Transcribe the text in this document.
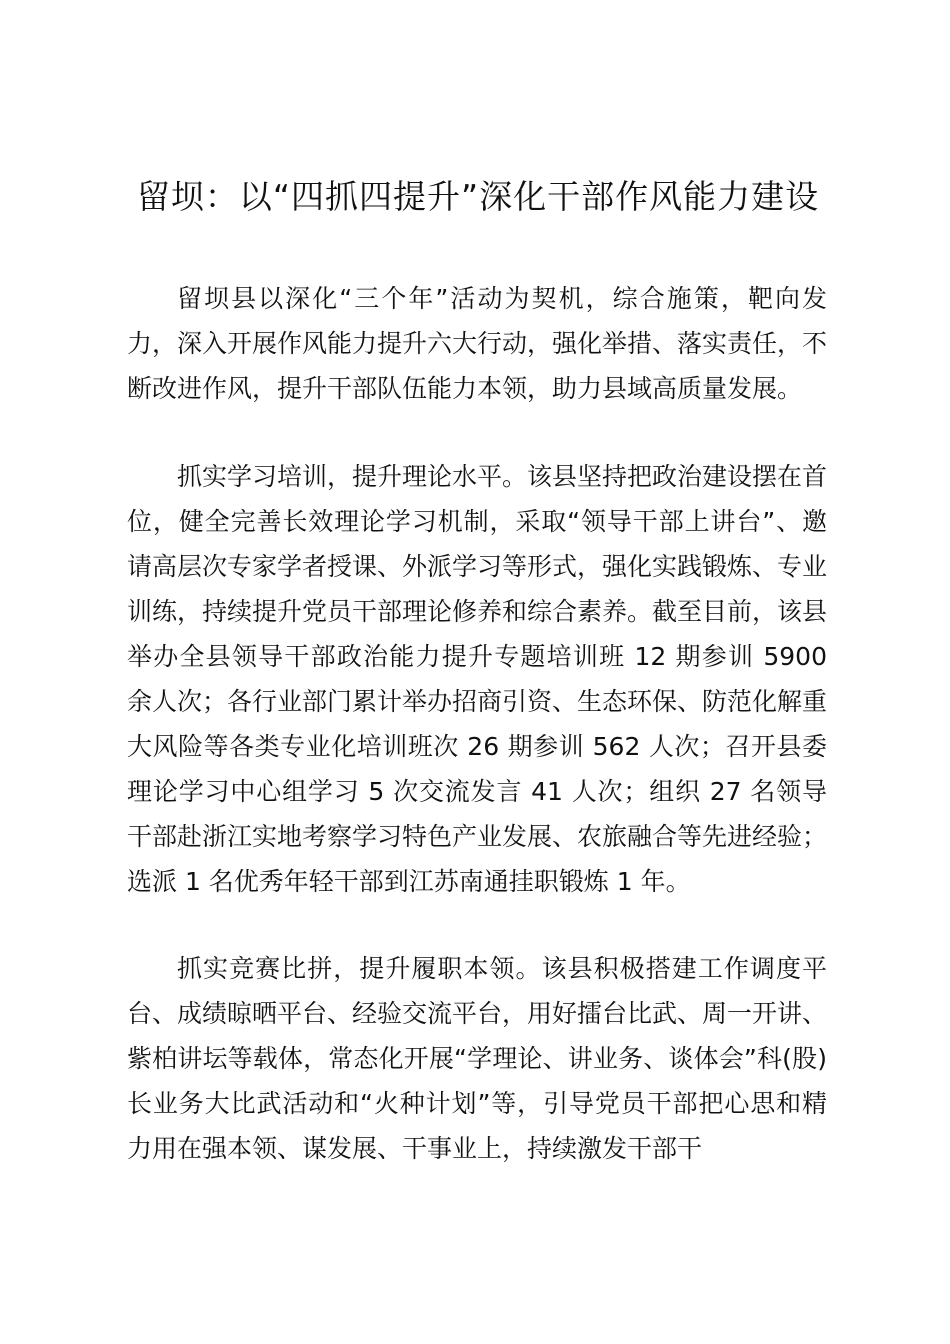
留坝：以“四抓四提升”深化干部作风能力建设

留坝县以深化“三个年”活动为契机，综合施策，靶向发力，深入开展作风能力提升六大行动，强化举措、落实责任，不断改进作风，提升干部队伍能力本领，助力县域高质量发展。

抓实学习培训，提升理论水平。该县坚持把政治建设摆在首位，健全完善长效理论学习机制，采取“领导干部上讲台”、邀请高层次专家学者授课、外派学习等形式，强化实践锻炼、专业训练，持续提升党员干部理论修养和综合素养。截至目前，该县举办全县领导干部政治能力提升专题培训班 12 期参训 5900 余人次；各行业部门累计举办招商引资、生态环保、防范化解重大风险等各类专业化培训班次 26 期参训 562 人次；召开县委理论学习中心组学习 5 次交流发言 41 人次；组织 27 名领导干部赴浙江实地考察学习特色产业发展、农旅融合等先进经验；选派 1 名优秀年轻干部到江苏南通挂职锻炼 1 年。

抓实竞赛比拼，提升履职本领。该县积极搭建工作调度平台、成绩晾晒平台、经验交流平台，用好擂台比武、周一开讲、紫柏讲坛等载体，常态化开展“学理论、讲业务、谈体会”科(股)长业务大比武活动和“火种计划”等，引导党员干部把心思和精力用在强本领、谋发展、干事业上，持续激发干部干
